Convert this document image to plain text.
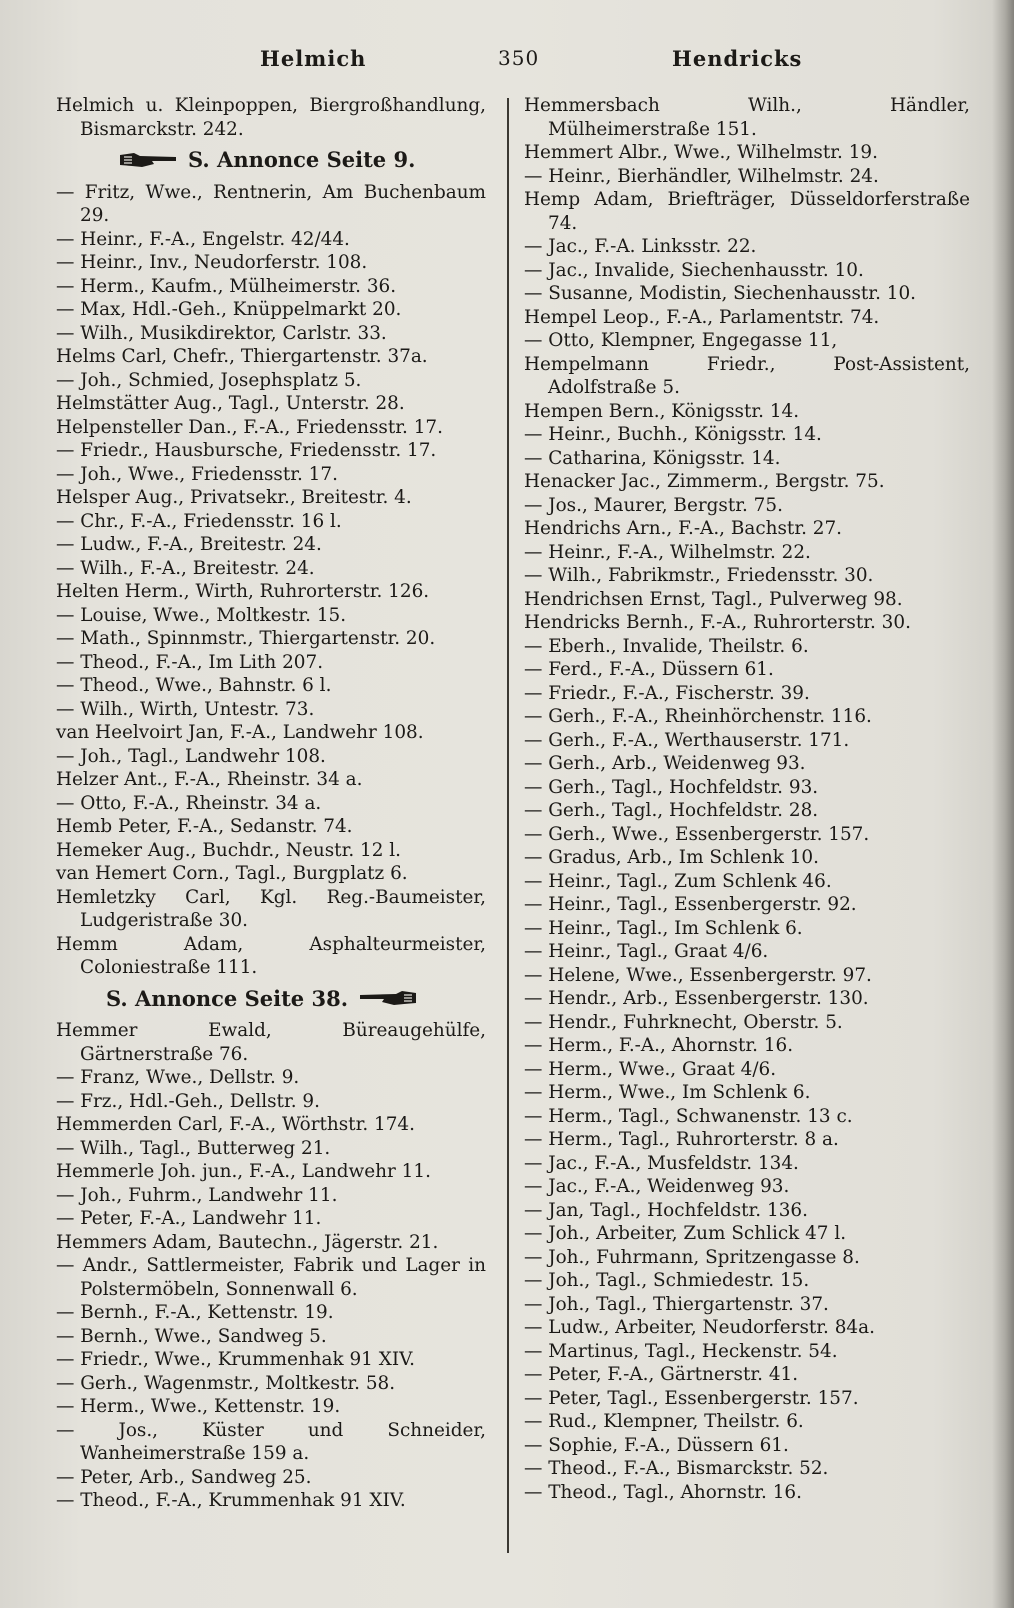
Helmich	350	Hendricks
Helmich u. Kleinpoppen, Biergroßhandlung, Bismarckstr. 242.
S. Annonce Seite 9.
— Fritz, Wwe., Rentnerin, Am Buchenbaum 29.
— Heinr., F.-A., Engelstr. 42/44.
— Heinr., Inv., Neudorferstr. 108.
— Herm., Kaufm., Mülheimerstr. 36.
— Max, Hdl.-Geh., Knüppelmarkt 20.
— Wilh., Musikdirektor, Carlstr. 33.
Helms Carl, Chefr., Thiergartenstr. 37a.
— Joh., Schmied, Josephsplatz 5.
Helmstätter Aug., Tagl., Unterstr. 28.
Helpensteller Dan., F.-A., Friedensstr. 17.
— Friedr., Hausbursche, Friedensstr. 17.
— Joh., Wwe., Friedensstr. 17.
Helsper Aug., Privatsekr., Breitestr. 4.
— Chr., F.-A., Friedensstr. 16 l.
— Ludw., F.-A., Breitestr. 24.
— Wilh., F.-A., Breitestr. 24.
Helten Herm., Wirth, Ruhrorterstr. 126.
— Louise, Wwe., Moltkestr. 15.
— Math., Spinnmstr., Thiergartenstr. 20.
— Theod., F.-A., Im Lith 207.
— Theod., Wwe., Bahnstr. 6 l.
— Wilh., Wirth, Untestr. 73.
van Heelvoirt Jan, F.-A., Landwehr 108.
— Joh., Tagl., Landwehr 108.
Helzer Ant., F.-A., Rheinstr. 34 a.
— Otto, F.-A., Rheinstr. 34 a.
Hemb Peter, F.-A., Sedanstr. 74.
Hemeker Aug., Buchdr., Neustr. 12 l.
van Hemert Corn., Tagl., Burgplatz 6.
Hemletzky Carl, Kgl. Reg.-Baumeister, Ludgeristraße 30.
Hemm Adam, Asphalteurmeister, Coloniestraße 111.
S. Annonce Seite 38.
Hemmer Ewald, Büreaugehülfe, Gärtnerstraße 76.
— Franz, Wwe., Dellstr. 9.
— Frz., Hdl.-Geh., Dellstr. 9.
Hemmerden Carl, F.-A., Wörthstr. 174.
— Wilh., Tagl., Butterweg 21.
Hemmerle Joh. jun., F.-A., Landwehr 11.
— Joh., Fuhrm., Landwehr 11.
— Peter, F.-A., Landwehr 11.
Hemmers Adam, Bautechn., Jägerstr. 21.
— Andr., Sattlermeister, Fabrik und Lager in Polstermöbeln, Sonnenwall 6.
— Bernh., F.-A., Kettenstr. 19.
— Bernh., Wwe., Sandweg 5.
— Friedr., Wwe., Krummenhak 91 XIV.
— Gerh., Wagenmstr., Moltkestr. 58.
— Herm., Wwe., Kettenstr. 19.
— Jos., Küster und Schneider, Wanheimerstraße 159 a.
— Peter, Arb., Sandweg 25.
— Theod., F.-A., Krummenhak 91 XIV.
Hemmersbach Wilh., Händler, Mülheimerstraße 151.
Hemmert Albr., Wwe., Wilhelmstr. 19.
— Heinr., Bierhändler, Wilhelmstr. 24.
Hemp Adam, Briefträger, Düsseldorferstraße 74.
— Jac., F.-A. Linksstr. 22.
— Jac., Invalide, Siechenhausstr. 10.
— Susanne, Modistin, Siechenhausstr. 10.
Hempel Leop., F.-A., Parlamentstr. 74.
— Otto, Klempner, Engegasse 11,
Hempelmann Friedr., Post-Assistent, Adolfstraße 5.
Hempen Bern., Königsstr. 14.
— Heinr., Buchh., Königsstr. 14.
— Catharina, Königsstr. 14.
Henacker Jac., Zimmerm., Bergstr. 75.
— Jos., Maurer, Bergstr. 75.
Hendrichs Arn., F.-A., Bachstr. 27.
— Heinr., F.-A., Wilhelmstr. 22.
— Wilh., Fabrikmstr., Friedensstr. 30.
Hendrichsen Ernst, Tagl., Pulverweg 98.
Hendricks Bernh., F.-A., Ruhrorterstr. 30.
— Eberh., Invalide, Theilstr. 6.
— Ferd., F.-A., Düssern 61.
— Friedr., F.-A., Fischerstr. 39.
— Gerh., F.-A., Rheinhörchenstr. 116.
— Gerh., F.-A., Werthauserstr. 171.
— Gerh., Arb., Weidenweg 93.
— Gerh., Tagl., Hochfeldstr. 93.
— Gerh., Tagl., Hochfeldstr. 28.
— Gerh., Wwe., Essenbergerstr. 157.
— Gradus, Arb., Im Schlenk 10.
— Heinr., Tagl., Zum Schlenk 46.
— Heinr., Tagl., Essenbergerstr. 92.
— Heinr., Tagl., Im Schlenk 6.
— Heinr., Tagl., Graat 4/6.
— Helene, Wwe., Essenbergerstr. 97.
— Hendr., Arb., Essenbergerstr. 130.
— Hendr., Fuhrknecht, Oberstr. 5.
— Herm., F.-A., Ahornstr. 16.
— Herm., Wwe., Graat 4/6.
— Herm., Wwe., Im Schlenk 6.
— Herm., Tagl., Schwanenstr. 13 c.
— Herm., Tagl., Ruhrorterstr. 8 a.
— Jac., F.-A., Musfeldstr. 134.
— Jac., F.-A., Weidenweg 93.
— Jan, Tagl., Hochfeldstr. 136.
— Joh., Arbeiter, Zum Schlick 47 l.
— Joh., Fuhrmann, Spritzengasse 8.
— Joh., Tagl., Schmiedestr. 15.
— Joh., Tagl., Thiergartenstr. 37.
— Ludw., Arbeiter, Neudorferstr. 84a.
— Martinus, Tagl., Heckenstr. 54.
— Peter, F.-A., Gärtnerstr. 41.
— Peter, Tagl., Essenbergerstr. 157.
— Rud., Klempner, Theilstr. 6.
— Sophie, F.-A., Düssern 61.
— Theod., F.-A., Bismarckstr. 52.
— Theod., Tagl., Ahornstr. 16.
